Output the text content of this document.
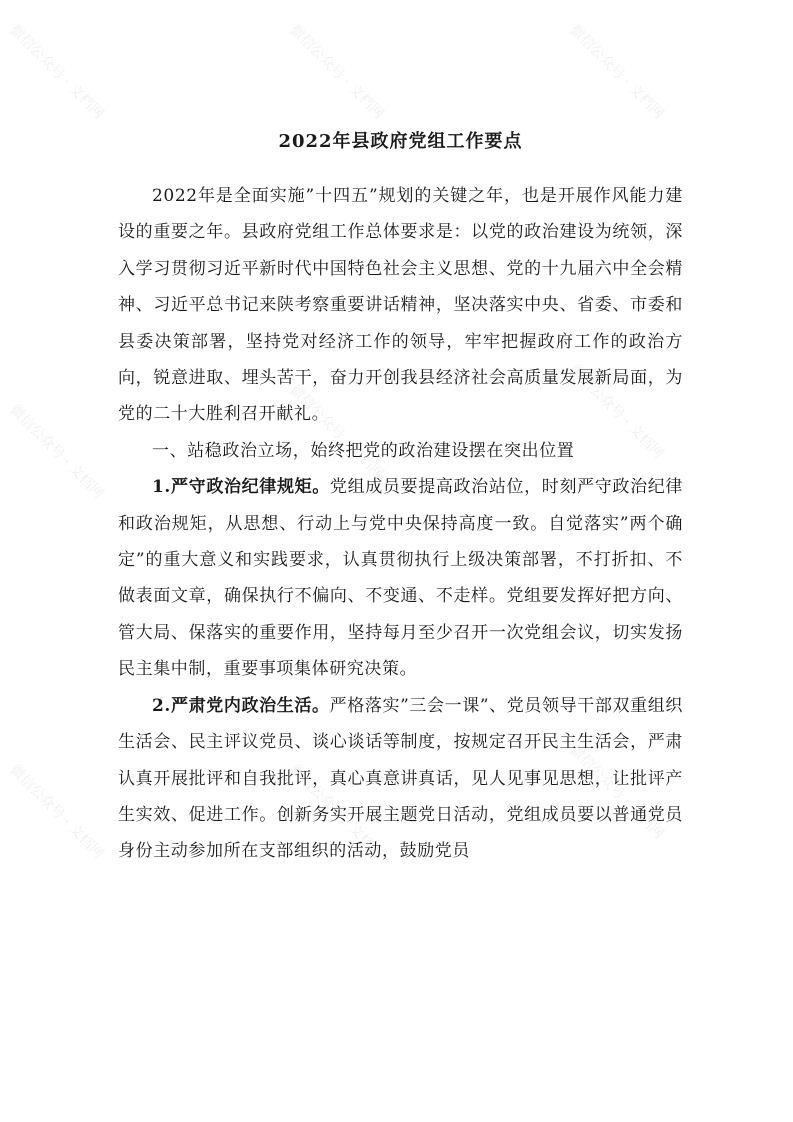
微信公众号 · 文档网	微信公众号 · 文档网	微信公众号 · 文档网
微信公众号 · 文档网	微信公众号 · 文档网	微信公众号 · 文档网
微信公众号 · 文档网	微信公众号 · 文档网	微信公众号 · 文档网
2022年县政府党组工作要点

2022年是全面实施”十四五”规划的关键之年，也是开展作风能力建设的重要之年。县政府党组工作总体要求是：以党的政治建设为统领，深入学习贯彻习近平新时代中国特色社会主义思想、党的十九届六中全会精神、习近平总书记来陕考察重要讲话精神，坚决落实中央、省委、市委和县委决策部署，坚持党对经济工作的领导，牢牢把握政府工作的政治方向，锐意进取、埋头苦干，奋力开创我县经济社会高质量发展新局面，为党的二十大胜利召开献礼。

一、站稳政治立场，始终把党的政治建设摆在突出位置

1.严守政治纪律规矩。党组成员要提高政治站位，时刻严守政治纪律和政治规矩，从思想、行动上与党中央保持高度一致。自觉落实”两个确定”的重大意义和实践要求，认真贯彻执行上级决策部署，不打折扣、不做表面文章，确保执行不偏向、不变通、不走样。党组要发挥好把方向、管大局、保落实的重要作用，坚持每月至少召开一次党组会议，切实发扬民主集中制，重要事项集体研究决策。

2.严肃党内政治生活。严格落实”三会一课”、党员领导干部双重组织生活会、民主评议党员、谈心谈话等制度，按规定召开民主生活会，严肃认真开展批评和自我批评，真心真意讲真话，见人见事见思想，让批评产生实效、促进工作。创新务实开展主题党日活动，党组成员要以普通党员身份主动参加所在支部组织的活动，鼓励党员
